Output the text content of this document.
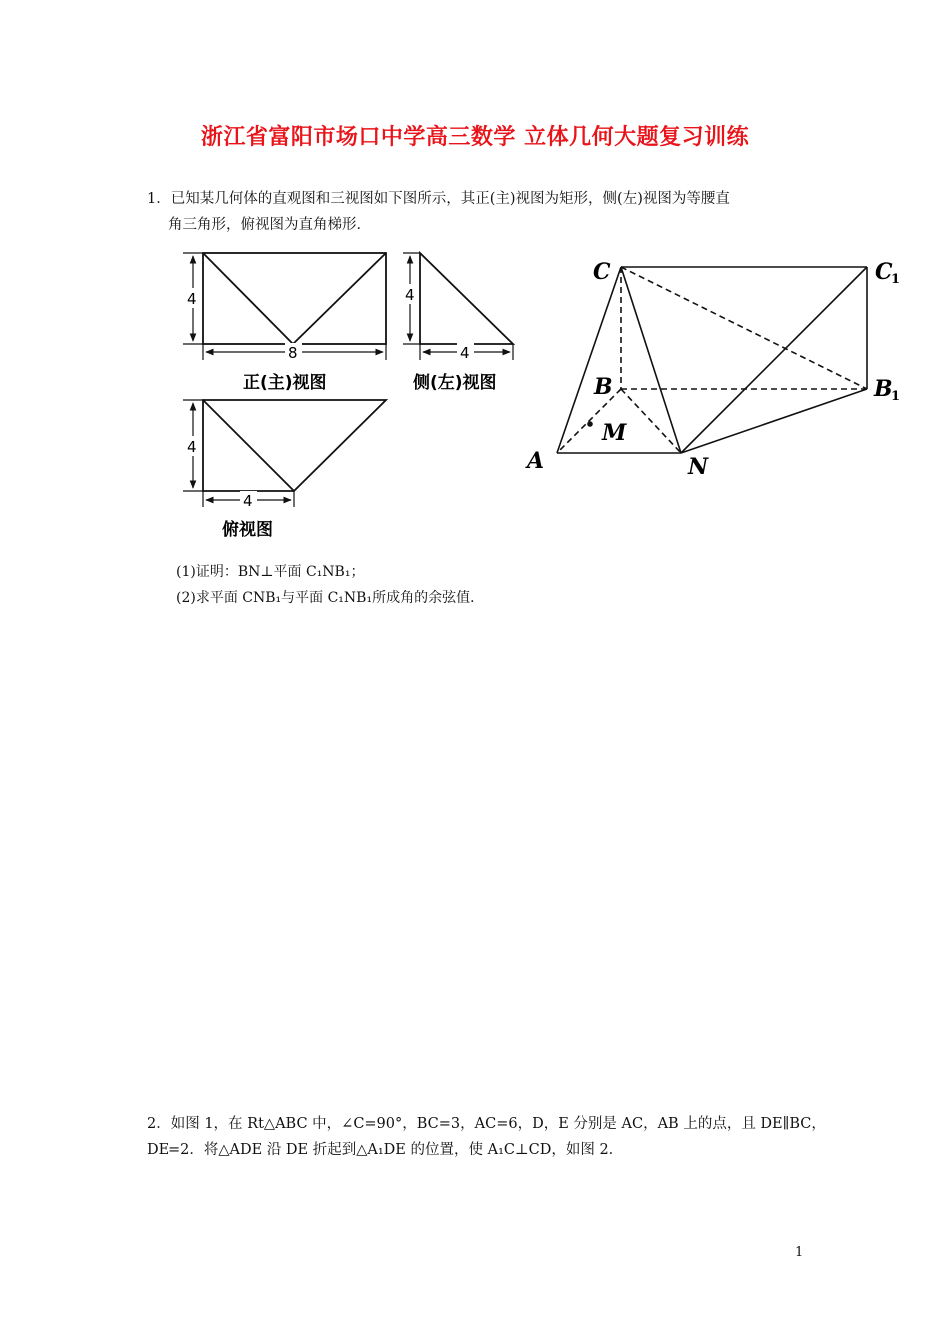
浙江省富阳市场口中学高三数学 立体几何大题复习训练
1．已知某几何体的直观图和三视图如下图所示，其正(主)视图为矩形，侧(左)视图为等腰直
角三角形，俯视图为直角梯形．
4
8
正(主)视图
4
4
侧(左)视图
4
4
俯视图
C	C
1
B	B
1
M
A	N
(1)证明：BN⊥平面 C₁NB₁；
(2)求平面 CNB₁与平面 C₁NB₁所成角的余弦值．
2．如图 1，在 Rt△ABC 中，∠C=90°，BC=3，AC=6，D，E 分别是 AC，AB 上的点，且 DE∥BC，DE
=2．将△ADE 沿 DE 折起到△A₁DE 的位置，使 A₁C⊥CD，如图 2．
1
